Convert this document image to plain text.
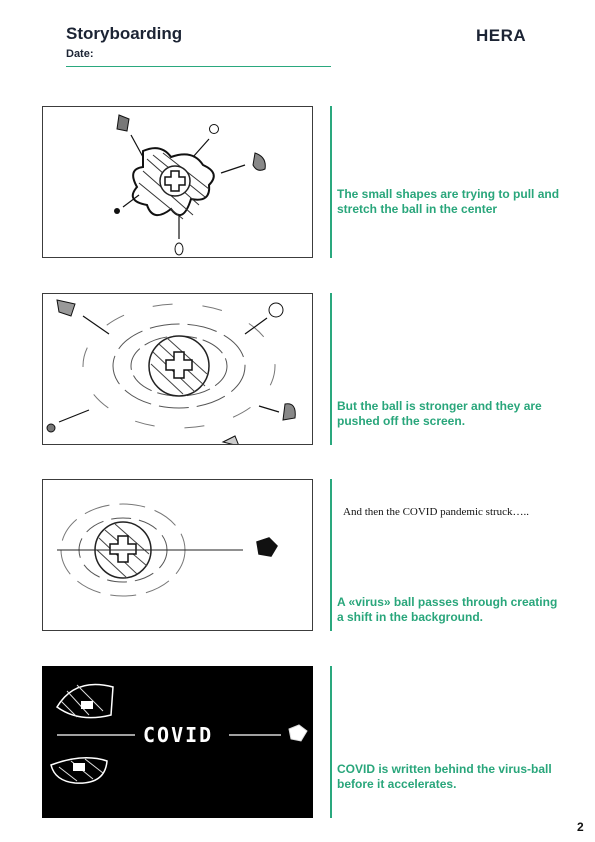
Storyboarding
Date:
HERA
The small shapes are trying to pull and stretch the ball in the center
But the ball is stronger and they are pushed off the screen.
And then the COVID pandemic struck…..
A «virus» ball passes through creating a shift in the background.
COVID
COVID is written behind the virus-ball before it accelerates.
2
